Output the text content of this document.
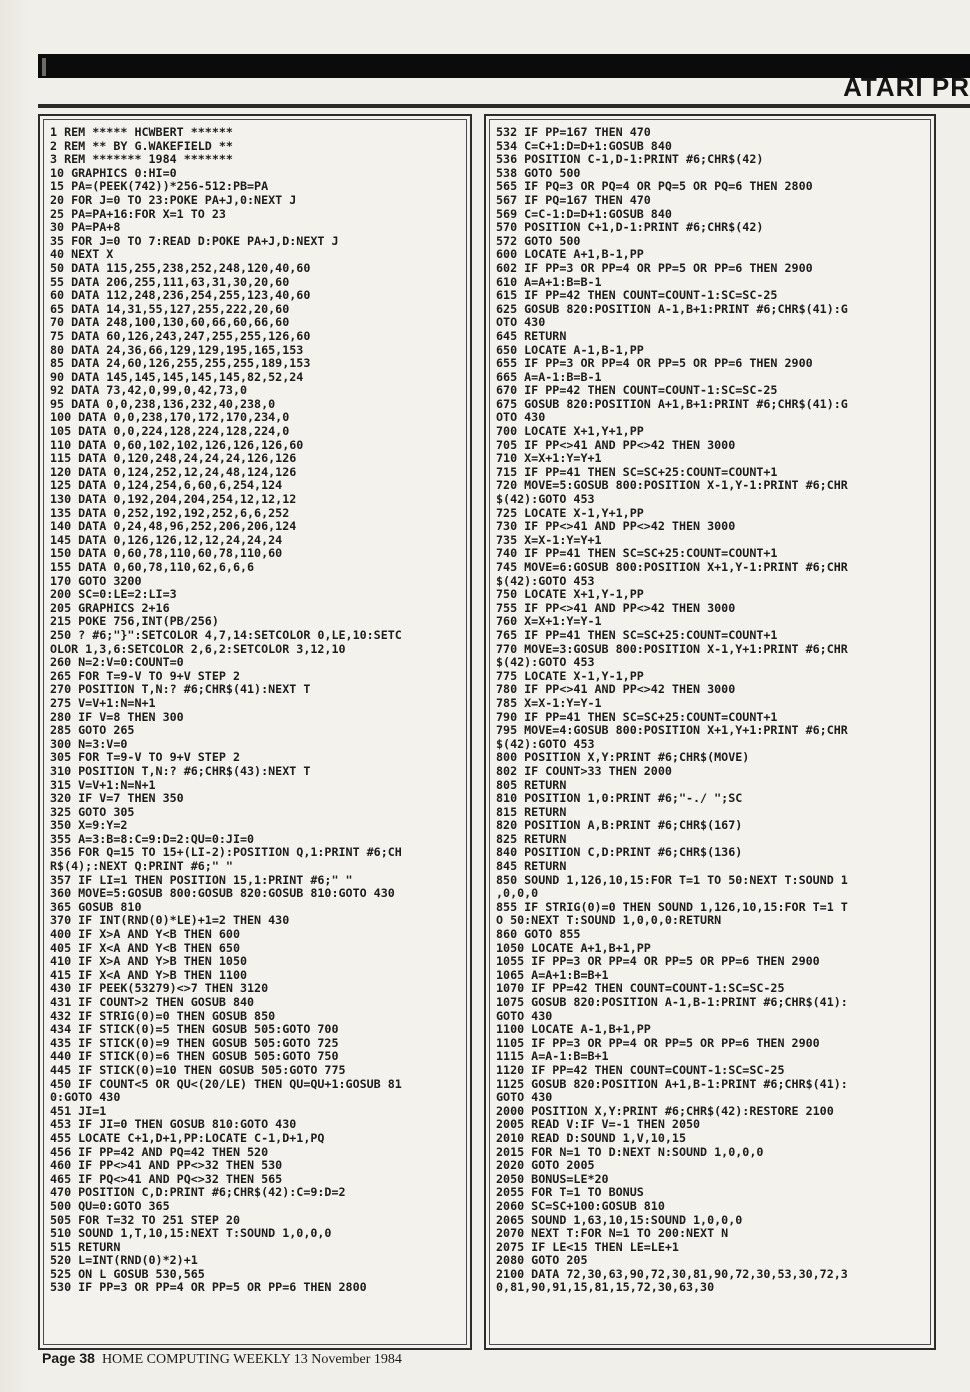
ATARI PR
1 REM ***** HCWBERT ******
2 REM ** BY G.WAKEFIELD **
3 REM ******* 1984 *******
10 GRAPHICS 0:HI=0
15 PA=(PEEK(742))*256-512:PB=PA
20 FOR J=0 TO 23:POKE PA+J,0:NEXT J
25 PA=PA+16:FOR X=1 TO 23
30 PA=PA+8
35 FOR J=0 TO 7:READ D:POKE PA+J,D:NEXT J
40 NEXT X
50 DATA 115,255,238,252,248,120,40,60
55 DATA 206,255,111,63,31,30,20,60
60 DATA 112,248,236,254,255,123,40,60
65 DATA 14,31,55,127,255,222,20,60
70 DATA 248,100,130,60,66,60,66,60
75 DATA 60,126,243,247,255,255,126,60
80 DATA 24,36,66,129,129,195,165,153
85 DATA 24,60,126,255,255,255,189,153
90 DATA 145,145,145,145,145,82,52,24
92 DATA 73,42,0,99,0,42,73,0
95 DATA 0,0,238,136,232,40,238,0
100 DATA 0,0,238,170,172,170,234,0
105 DATA 0,0,224,128,224,128,224,0
110 DATA 0,60,102,102,126,126,126,60
115 DATA 0,120,248,24,24,24,126,126
120 DATA 0,124,252,12,24,48,124,126
125 DATA 0,124,254,6,60,6,254,124
130 DATA 0,192,204,204,254,12,12,12
135 DATA 0,252,192,192,252,6,6,252
140 DATA 0,24,48,96,252,206,206,124
145 DATA 0,126,126,12,12,24,24,24
150 DATA 0,60,78,110,60,78,110,60
155 DATA 0,60,78,110,62,6,6,6
170 GOTO 3200
200 SC=0:LE=2:LI=3
205 GRAPHICS 2+16
215 POKE 756,INT(PB/256)
250 ? #6;"}":SETCOLOR 4,7,14:SETCOLOR 0,LE,10:SETC
OLOR 1,3,6:SETCOLOR 2,6,2:SETCOLOR 3,12,10
260 N=2:V=0:COUNT=0
265 FOR T=9-V TO 9+V STEP 2
270 POSITION T,N:? #6;CHR$(41):NEXT T
275 V=V+1:N=N+1
280 IF V=8 THEN 300
285 GOTO 265
300 N=3:V=0
305 FOR T=9-V TO 9+V STEP 2
310 POSITION T,N:? #6;CHR$(43):NEXT T
315 V=V+1:N=N+1
320 IF V=7 THEN 350
325 GOTO 305
350 X=9:Y=2
355 A=3:B=8:C=9:D=2:QU=0:JI=0
356 FOR Q=15 TO 15+(LI-2):POSITION Q,1:PRINT #6;CH
R$(4);:NEXT Q:PRINT #6;" "
357 IF LI=1 THEN POSITION 15,1:PRINT #6;" "
360 MOVE=5:GOSUB 800:GOSUB 820:GOSUB 810:GOTO 430
365 GOSUB 810
370 IF INT(RND(0)*LE)+1=2 THEN 430
400 IF X>A AND Y<B THEN 600
405 IF X<A AND Y<B THEN 650
410 IF X>A AND Y>B THEN 1050
415 IF X<A AND Y>B THEN 1100
430 IF PEEK(53279)<>7 THEN 3120
431 IF COUNT>2 THEN GOSUB 840
432 IF STRIG(0)=0 THEN GOSUB 850
434 IF STICK(0)=5 THEN GOSUB 505:GOTO 700
435 IF STICK(0)=9 THEN GOSUB 505:GOTO 725
440 IF STICK(0)=6 THEN GOSUB 505:GOTO 750
445 IF STICK(0)=10 THEN GOSUB 505:GOTO 775
450 IF COUNT<5 OR QU<(20/LE) THEN QU=QU+1:GOSUB 81
0:GOTO 430
451 JI=1
453 IF JI=0 THEN GOSUB 810:GOTO 430
455 LOCATE C+1,D+1,PP:LOCATE C-1,D+1,PQ
456 IF PP=42 AND PQ=42 THEN 520
460 IF PP<>41 AND PP<>32 THEN 530
465 IF PQ<>41 AND PQ<>32 THEN 565
470 POSITION C,D:PRINT #6;CHR$(42):C=9:D=2
500 QU=0:GOTO 365
505 FOR T=32 TO 251 STEP 20
510 SOUND 1,T,10,15:NEXT T:SOUND 1,0,0,0
515 RETURN
520 L=INT(RND(0)*2)+1
525 ON L GOSUB 530,565
530 IF PP=3 OR PP=4 OR PP=5 OR PP=6 THEN 2800
532 IF PP=167 THEN 470
534 C=C+1:D=D+1:GOSUB 840
536 POSITION C-1,D-1:PRINT #6;CHR$(42)
538 GOTO 500
565 IF PQ=3 OR PQ=4 OR PQ=5 OR PQ=6 THEN 2800
567 IF PQ=167 THEN 470
569 C=C-1:D=D+1:GOSUB 840
570 POSITION C+1,D-1:PRINT #6;CHR$(42)
572 GOTO 500
600 LOCATE A+1,B-1,PP
602 IF PP=3 OR PP=4 OR PP=5 OR PP=6 THEN 2900
610 A=A+1:B=B-1
615 IF PP=42 THEN COUNT=COUNT-1:SC=SC-25
625 GOSUB 820:POSITION A-1,B+1:PRINT #6;CHR$(41):G
OTO 430
645 RETURN
650 LOCATE A-1,B-1,PP
655 IF PP=3 OR PP=4 OR PP=5 OR PP=6 THEN 2900
665 A=A-1:B=B-1
670 IF PP=42 THEN COUNT=COUNT-1:SC=SC-25
675 GOSUB 820:POSITION A+1,B+1:PRINT #6;CHR$(41):G
OTO 430
700 LOCATE X+1,Y+1,PP
705 IF PP<>41 AND PP<>42 THEN 3000
710 X=X+1:Y=Y+1
715 IF PP=41 THEN SC=SC+25:COUNT=COUNT+1
720 MOVE=5:GOSUB 800:POSITION X-1,Y-1:PRINT #6;CHR
$(42):GOTO 453
725 LOCATE X-1,Y+1,PP
730 IF PP<>41 AND PP<>42 THEN 3000
735 X=X-1:Y=Y+1
740 IF PP=41 THEN SC=SC+25:COUNT=COUNT+1
745 MOVE=6:GOSUB 800:POSITION X+1,Y-1:PRINT #6;CHR
$(42):GOTO 453
750 LOCATE X+1,Y-1,PP
755 IF PP<>41 AND PP<>42 THEN 3000
760 X=X+1:Y=Y-1
765 IF PP=41 THEN SC=SC+25:COUNT=COUNT+1
770 MOVE=3:GOSUB 800:POSITION X-1,Y+1:PRINT #6;CHR
$(42):GOTO 453
775 LOCATE X-1,Y-1,PP
780 IF PP<>41 AND PP<>42 THEN 3000
785 X=X-1:Y=Y-1
790 IF PP=41 THEN SC=SC+25:COUNT=COUNT+1
795 MOVE=4:GOSUB 800:POSITION X+1,Y+1:PRINT #6;CHR
$(42):GOTO 453
800 POSITION X,Y:PRINT #6;CHR$(MOVE)
802 IF COUNT>33 THEN 2000
805 RETURN
810 POSITION 1,0:PRINT #6;"-./ ";SC
815 RETURN
820 POSITION A,B:PRINT #6;CHR$(167)
825 RETURN
840 POSITION C,D:PRINT #6;CHR$(136)
845 RETURN
850 SOUND 1,126,10,15:FOR T=1 TO 50:NEXT T:SOUND 1
,0,0,0
855 IF STRIG(0)=0 THEN SOUND 1,126,10,15:FOR T=1 T
O 50:NEXT T:SOUND 1,0,0,0:RETURN
860 GOTO 855
1050 LOCATE A+1,B+1,PP
1055 IF PP=3 OR PP=4 OR PP=5 OR PP=6 THEN 2900
1065 A=A+1:B=B+1
1070 IF PP=42 THEN COUNT=COUNT-1:SC=SC-25
1075 GOSUB 820:POSITION A-1,B-1:PRINT #6;CHR$(41):
GOTO 430
1100 LOCATE A-1,B+1,PP
1105 IF PP=3 OR PP=4 OR PP=5 OR PP=6 THEN 2900
1115 A=A-1:B=B+1
1120 IF PP=42 THEN COUNT=COUNT-1:SC=SC-25
1125 GOSUB 820:POSITION A+1,B-1:PRINT #6;CHR$(41):
GOTO 430
2000 POSITION X,Y:PRINT #6;CHR$(42):RESTORE 2100
2005 READ V:IF V=-1 THEN 2050
2010 READ D:SOUND 1,V,10,15
2015 FOR N=1 TO D:NEXT N:SOUND 1,0,0,0
2020 GOTO 2005
2050 BONUS=LE*20
2055 FOR T=1 TO BONUS
2060 SC=SC+100:GOSUB 810
2065 SOUND 1,63,10,15:SOUND 1,0,0,0
2070 NEXT T:FOR N=1 TO 200:NEXT N
2075 IF LE<15 THEN LE=LE+1
2080 GOTO 205
2100 DATA 72,30,63,90,72,30,81,90,72,30,53,30,72,3
0,81,90,91,15,81,15,72,30,63,30
Page 38 HOME COMPUTING WEEKLY 13 November 1984
